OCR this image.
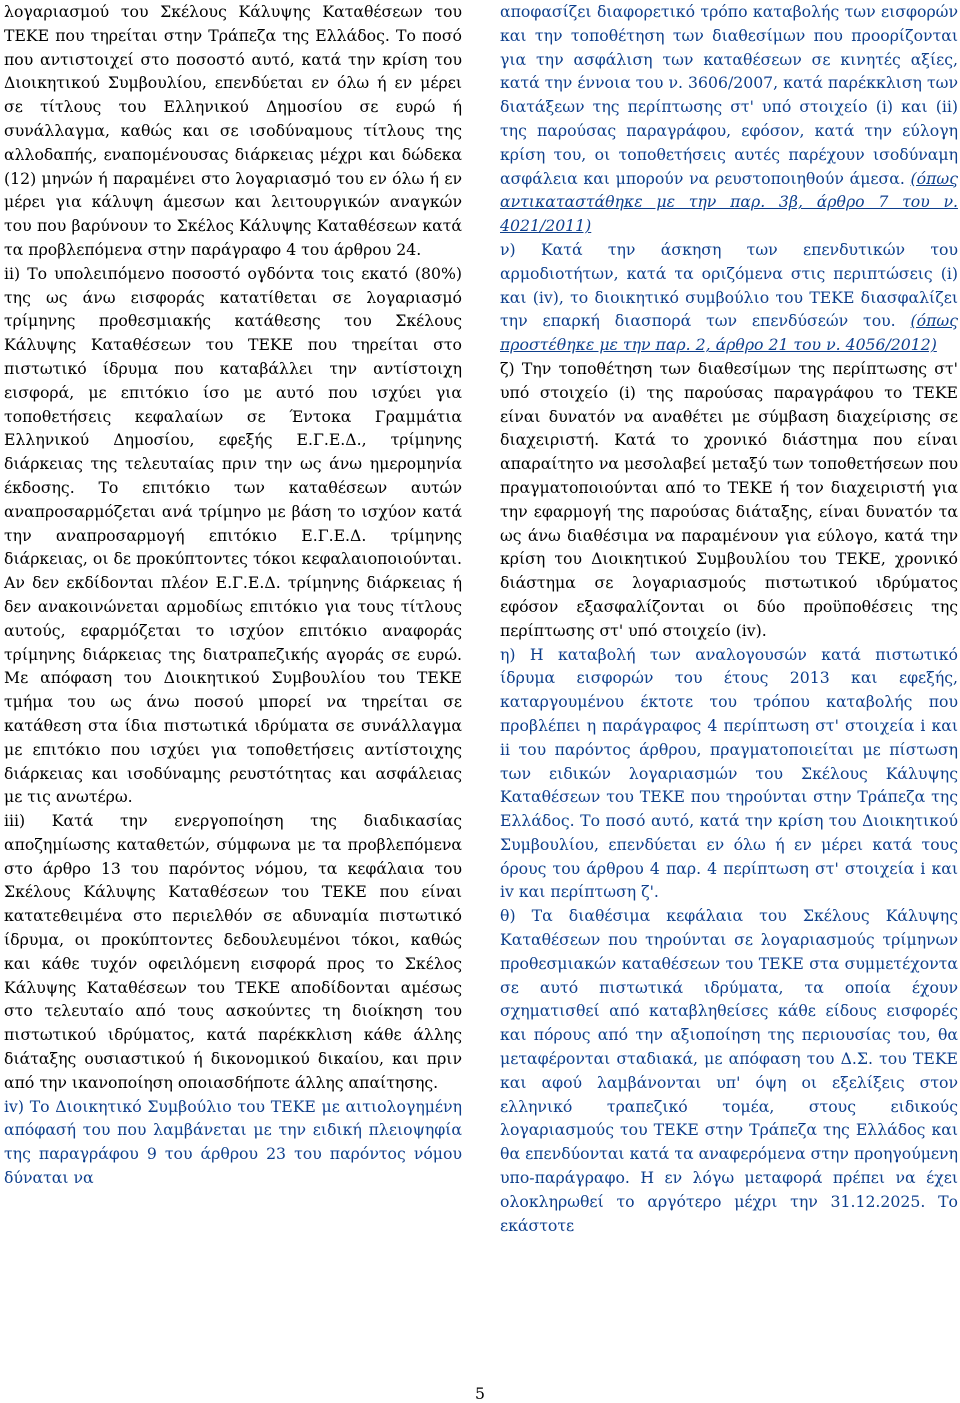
λογαριασμού του Σκέλους Κάλυψης Καταθέσεων του ΤΕΚΕ που τηρείται στην Τράπεζα της Ελλάδος. Το ποσό που αντιστοιχεί στο ποσοστό αυτό, κατά την κρίση του Διοικητικού Συμβουλίου, επενδύεται εν όλω ή εν μέρει σε τίτλους του Ελληνικού Δημοσίου σε ευρώ ή συνάλλαγμα, καθώς και σε ισοδύναμους τίτλους της αλλοδαπής, εναπομένουσας διάρκειας μέχρι και δώδεκα (12) μηνών ή παραμένει στο λογαριασμό του εν όλω ή εν μέρει για κάλυψη άμεσων και λειτουργικών αναγκών του που βαρύνουν το Σκέλος Κάλυψης Καταθέσεων κατά τα προβλεπόμενα στην παράγραφο 4 του άρθρου 24.

ii) Το υπολειπόμενο ποσοστό ογδόντα τοις εκατό (80%) της ως άνω εισφοράς κατατίθεται σε λογαριασμό τρίμηνης προθεσμιακής κατάθεσης του Σκέλους Κάλυψης Καταθέσεων του ΤΕΚΕ που τηρείται στο πιστωτικό ίδρυμα που καταβάλλει την αντίστοιχη εισφορά, με επιτόκιο ίσο με αυτό που ισχύει για τοποθετήσεις κεφαλαίων σε Έντοκα Γραμμάτια Ελληνικού Δημοσίου, εφεξής Ε.Γ.Ε.Δ., τρίμηνης διάρκειας της τελευταίας πριν την ως άνω ημερομηνία έκδοσης. Το επιτόκιο των καταθέσεων αυτών αναπροσαρμόζεται ανά τρίμηνο με βάση το ισχύον κατά την αναπροσαρμογή επιτόκιο Ε.Γ.Ε.Δ. τρίμηνης διάρκειας, οι δε προκύπτοντες τόκοι κεφαλαιοποιούνται. Αν δεν εκδίδονται πλέον Ε.Γ.Ε.Δ. τρίμηνης διάρκειας ή δεν ανακοινώνεται αρμοδίως επιτόκιο για τους τίτλους αυτούς, εφαρμόζεται το ισχύον επιτόκιο αναφοράς τρίμηνης διάρκειας της διατραπεζικής αγοράς σε ευρώ. Με απόφαση του Διοικητικού Συμβουλίου του ΤΕΚΕ τμήμα του ως άνω ποσού μπορεί να τηρείται σε κατάθεση στα ίδια πιστωτικά ιδρύματα σε συνάλλαγμα με επιτόκιο που ισχύει για τοποθετήσεις αντίστοιχης διάρκειας και ισοδύναμης ρευστότητας και ασφάλειας με τις ανωτέρω.

iii) Κατά την ενεργοποίηση της διαδικασίας αποζημίωσης καταθετών, σύμφωνα με τα προβλεπόμενα στο άρθρο 13 του παρόντος νόμου, τα κεφάλαια του Σκέλους Κάλυψης Καταθέσεων του ΤΕΚΕ που είναι κατατεθειμένα στο περιελθόν σε αδυναμία πιστωτικό ίδρυμα, οι προκύπτοντες δεδουλευμένοι τόκοι, καθώς και κάθε τυχόν οφειλόμενη εισφορά προς το Σκέλος Κάλυψης Καταθέσεων του ΤΕΚΕ αποδίδονται αμέσως στο τελευταίο από τους ασκούντες τη διοίκηση του πιστωτικού ιδρύματος, κατά παρέκκλιση κάθε άλλης διάταξης ουσιαστικού ή δικονομικού δικαίου, και πριν από την ικανοποίηση οποιασδήποτε άλλης απαίτησης.

iv) Το Διοικητικό Συμβούλιο του ΤΕΚΕ με αιτιολογημένη απόφασή του που λαμβάνεται με την ειδική πλειοψηφία της παραγράφου 9 του άρθρου 23 του παρόντος νόμου δύναται να

αποφασίζει διαφορετικό τρόπο καταβολής των εισφορών και την τοποθέτηση των διαθεσίμων που προορίζονται για την ασφάλιση των καταθέσεων σε κινητές αξίες, κατά την έννοια του ν. 3606/2007, κατά παρέκκλιση των διατάξεων της περίπτωσης στ' υπό στοιχείο (i) και (ii) της παρούσας παραγράφου, εφόσον, κατά την εύλογη κρίση του, οι τοποθετήσεις αυτές παρέχουν ισοδύναμη ασφάλεια και μπορούν να ρευστοποιηθούν άμεσα. (όπως αντικαταστάθηκε με την παρ. 3β, άρθρο 7 του ν. 4021/2011)

ν) Κατά την άσκηση των επενδυτικών του αρμοδιοτήτων, κατά τα οριζόμενα στις περιπτώσεις (i) και (iv), το διοικητικό συμβούλιο του ΤΕΚΕ διασφαλίζει την επαρκή διασπορά των επενδύσεών του. (όπως προστέθηκε με την παρ. 2, άρθρο 21 του ν. 4056/2012)

ζ) Την τοποθέτηση των διαθεσίμων της περίπτωσης στ' υπό στοιχείο (i) της παρούσας παραγράφου το ΤΕΚΕ είναι δυνατόν να αναθέτει με σύμβαση διαχείρισης σε διαχειριστή. Κατά το χρονικό διάστημα που είναι απαραίτητο να μεσολαβεί μεταξύ των τοποθετήσεων που πραγματοποιούνται από το ΤΕΚΕ ή τον διαχειριστή για την εφαρμογή της παρούσας διάταξης, είναι δυνατόν τα ως άνω διαθέσιμα να παραμένουν για εύλογο, κατά την κρίση του Διοικητικού Συμβουλίου του ΤΕΚΕ, χρονικό διάστημα σε λογαριασμούς πιστωτικού ιδρύματος εφόσον εξασφαλίζονται οι δύο προϋποθέσεις της περίπτωσης στ' υπό στοιχείο (iv).

η) Η καταβολή των αναλογουσών κατά πιστωτικό ίδρυμα εισφορών του έτους 2013 και εφεξής, καταργουμένου έκτοτε του τρόπου καταβολής που προβλέπει η παράγραφος 4 περίπτωση στ' στοιχεία i και ii του παρόντος άρθρου, πραγματοποιείται με πίστωση των ειδικών λογαριασμών του Σκέλους Κάλυψης Καταθέσεων του ΤΕΚΕ που τηρούνται στην Τράπεζα της Ελλάδος. Το ποσό αυτό, κατά την κρίση του Διοικητικού Συμβουλίου, επενδύεται εν όλω ή εν μέρει κατά τους όρους του άρθρου 4 παρ. 4 περίπτωση στ' στοιχεία i και iv και περίπτωση ζ'.

θ) Τα διαθέσιμα κεφάλαια του Σκέλους Κάλυψης Καταθέσεων που τηρούνται σε λογαριασμούς τρίμηνων προθεσμιακών καταθέσεων του ΤΕΚΕ στα συμμετέχοντα σε αυτό πιστωτικά ιδρύματα, τα οποία έχουν σχηματισθεί από καταβληθείσες κάθε είδους εισφορές και πόρους από την αξιοποίηση της περιουσίας του, θα μεταφέρονται σταδιακά, με απόφαση του Δ.Σ. του ΤΕΚΕ και αφού λαμβάνονται υπ' όψη οι εξελίξεις στον ελληνικό τραπεζικό τομέα, στους ειδικούς λογαριασμούς του ΤΕΚΕ στην Τράπεζα της Ελλάδος και θα επενδύονται κατά τα αναφερόμενα στην προηγούμενη υπο-παράγραφο. Η εν λόγω μεταφορά πρέπει να έχει ολοκληρωθεί το αργότερο μέχρι την 31.12.2025. Το εκάστοτε

5
